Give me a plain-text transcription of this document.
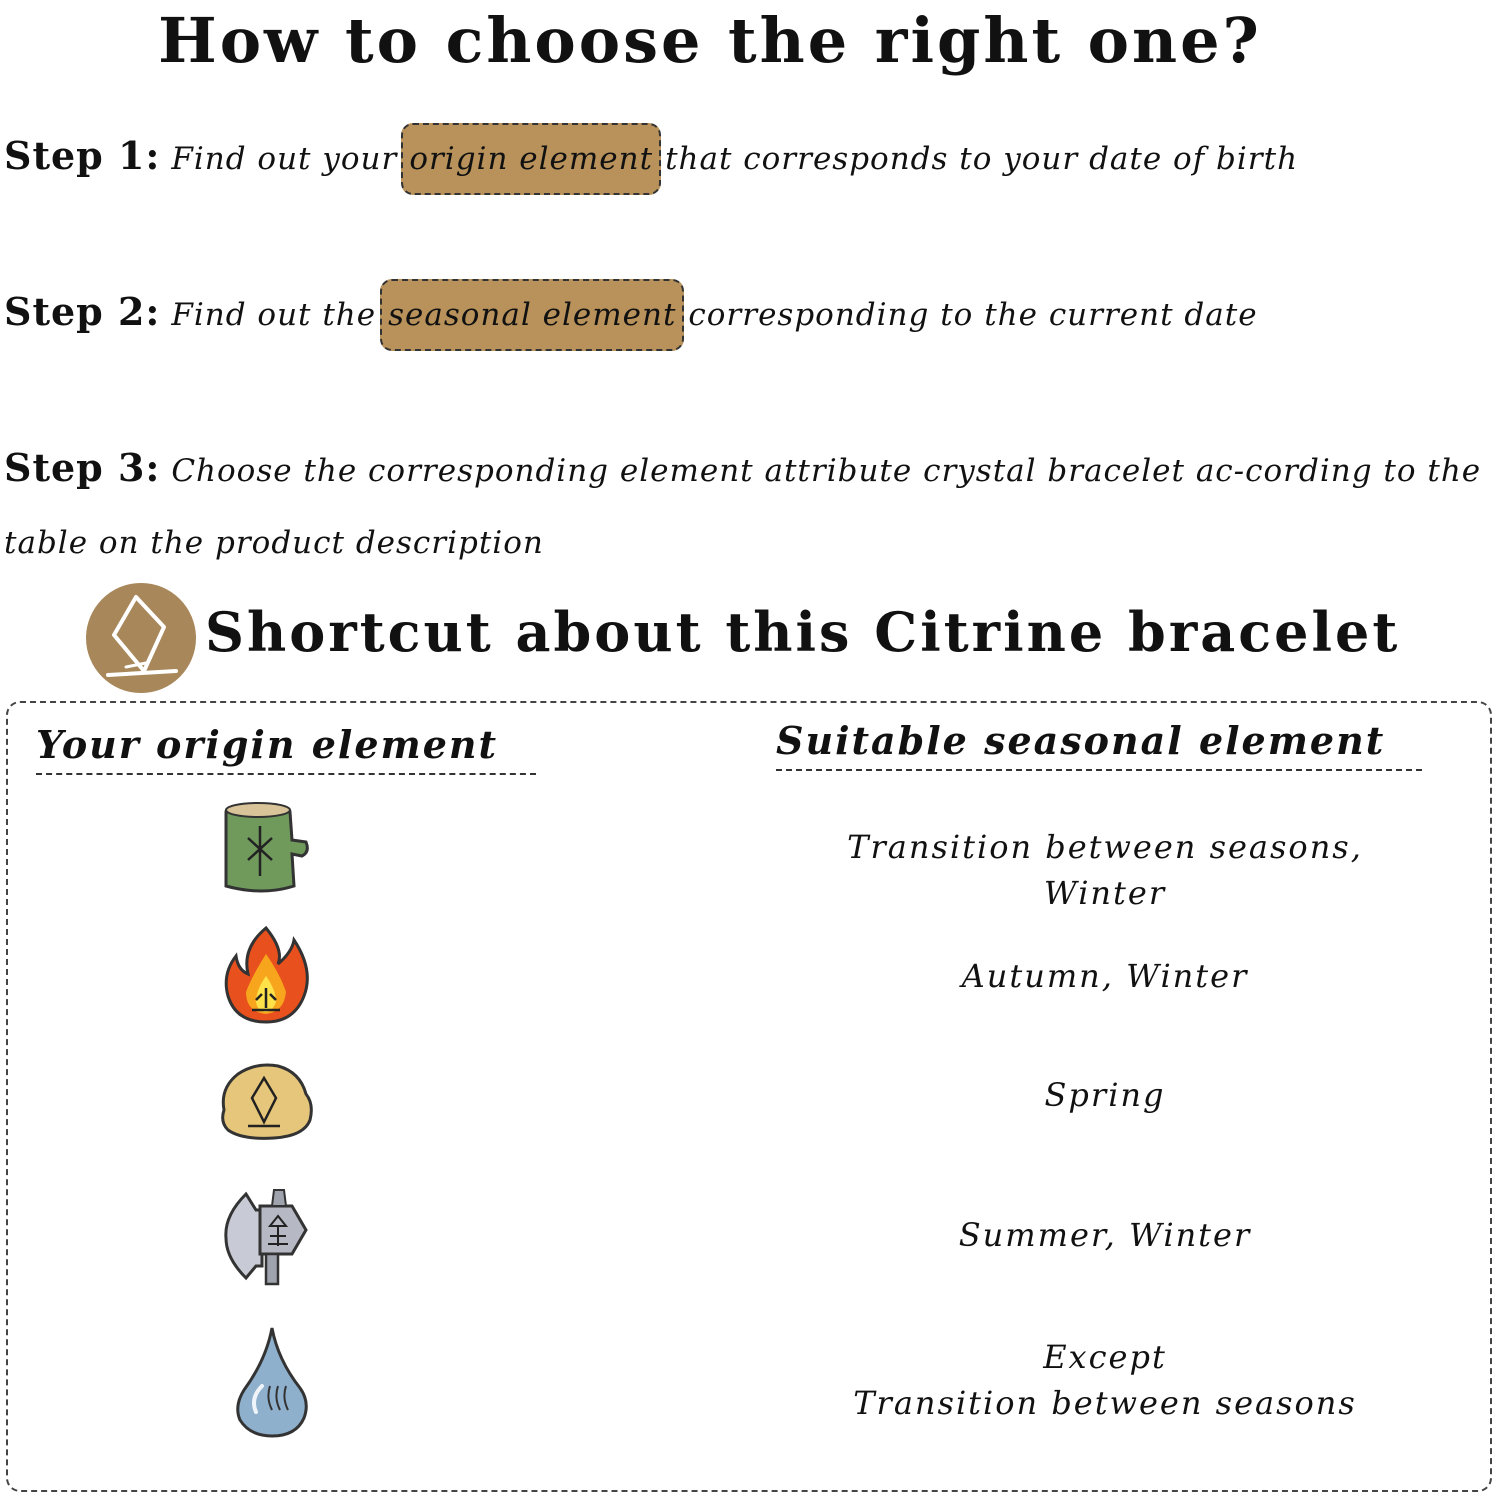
How to choose the right one?
Step 1: Find out your origin element that corresponds to your date of birth
Step 2: Find out the seasonal element corresponding to the current date
Step 3: Choose the corresponding element attribute crystal bracelet ac-cording to the table on the product description
Shortcut about this Citrine bracelet
Your origin element	Suitable seasonal element
Transition between seasons,
Winter
Autumn, Winter
Spring
Summer, Winter
Except
Transition between seasons
